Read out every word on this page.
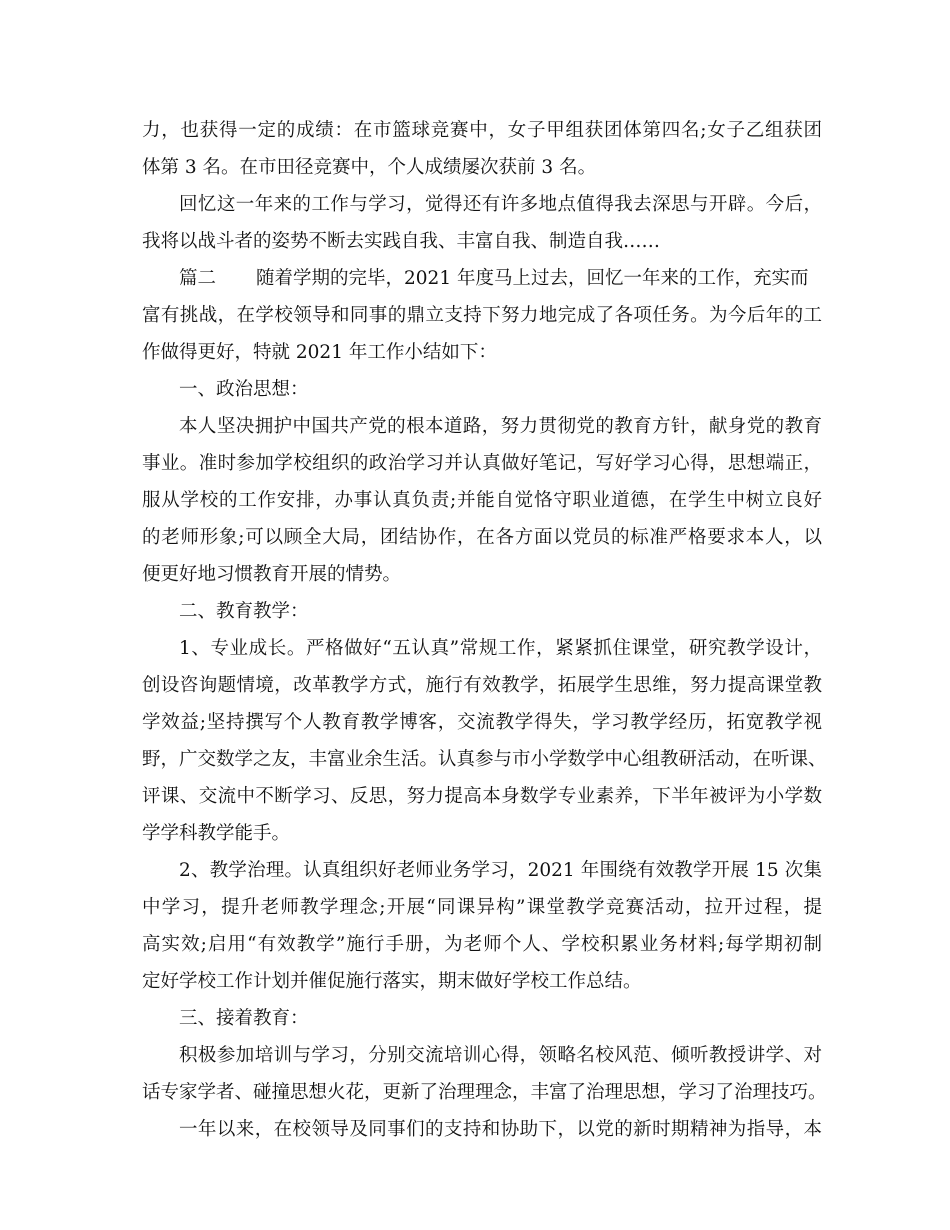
力，也获得一定的成绩：在市篮球竞赛中，女子甲组获团体第四名;女子乙组获团
体第 3 名。在市田径竞赛中，个人成绩屡次获前 3 名。
回忆这一年来的工作与学习，觉得还有许多地点值得我去深思与开辟。今后，
我将以战斗者的姿势不断去实践自我、丰富自我、制造自我……
篇二 随着学期的完毕，2021 年度马上过去，回忆一年来的工作，充实而
富有挑战，在学校领导和同事的鼎立支持下努力地完成了各项任务。为今后年的工
作做得更好，特就 2021 年工作小结如下：
一、政治思想：
本人坚决拥护中国共产党的根本道路，努力贯彻党的教育方针，献身党的教育
事业。准时参加学校组织的政治学习并认真做好笔记，写好学习心得，思想端正，
服从学校的工作安排，办事认真负责;并能自觉恪守职业道德，在学生中树立良好
的老师形象;可以顾全大局，团结协作，在各方面以党员的标准严格要求本人，以
便更好地习惯教育开展的情势。
二、教育教学：
1、专业成长。严格做好“五认真”常规工作，紧紧抓住课堂，研究教学设计，
创设咨询题情境，改革教学方式，施行有效教学，拓展学生思维，努力提高课堂教
学效益;坚持撰写个人教育教学博客，交流教学得失，学习教学经历，拓宽教学视
野，广交数学之友，丰富业余生活。认真参与市小学数学中心组教研活动，在听课、
评课、交流中不断学习、反思，努力提高本身数学专业素养，下半年被评为小学数
学学科教学能手。
2、教学治理。认真组织好老师业务学习，2021 年围绕有效教学开展 15 次集
中学习，提升老师教学理念;开展“同课异构”课堂教学竞赛活动，拉开过程，提
高实效;启用“有效教学”施行手册，为老师个人、学校积累业务材料;每学期初制
定好学校工作计划并催促施行落实，期末做好学校工作总结。
三、接着教育：
积极参加培训与学习，分别交流培训心得，领略名校风范、倾听教授讲学、对
话专家学者、碰撞思想火花，更新了治理理念，丰富了治理思想，学习了治理技巧。
一年以来，在校领导及同事们的支持和协助下，以党的新时期精神为指导，本
